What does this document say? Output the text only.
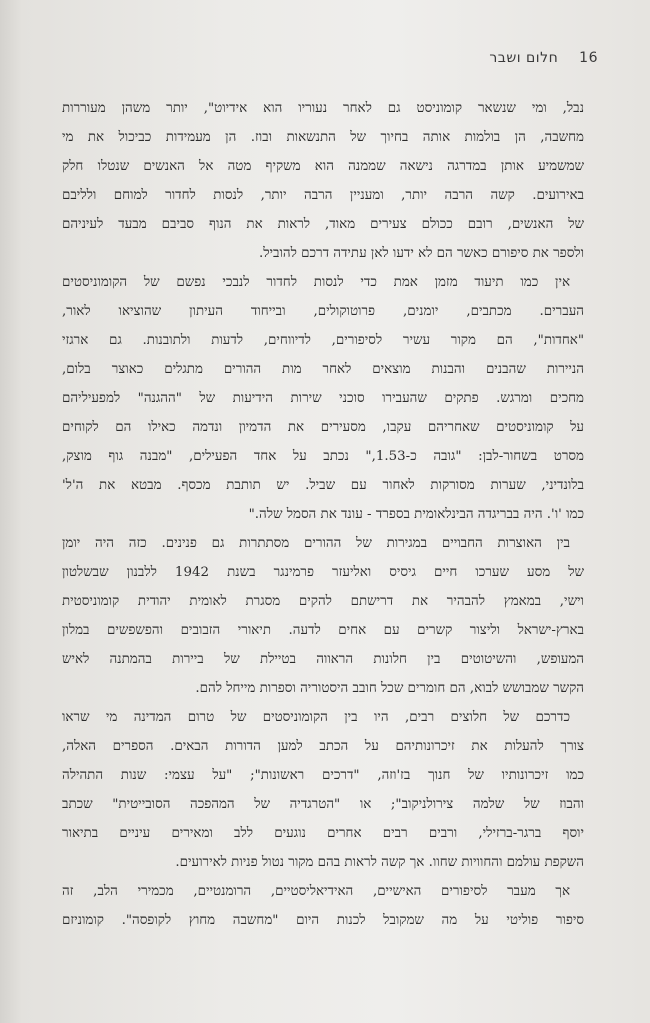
16 חלום ושבר
נבל, ומי שנשאר קומוניסט גם לאחר נעוריו הוא אידיוט", יותר משהן מעוררות
מחשבה, הן בולמות אותה בחיוך של התנשאות ובוז. הן מעמידות כביכול את מי
שמשמיע אותן במדרגה נישאה שממנה הוא משקיף מטה אל האנשים שנטלו חלק
באירועים. קשה הרבה יותר, ומעניין הרבה יותר, לנסות לחדור למוחם ולליבם
של האנשים, רובם ככולם צעירים מאוד, לראות את הנוף סביבם מבעד לעיניהם
ולספר את סיפורם כאשר הם לא ידעו לאן עתידה דרכם להוביל.
אין כמו תיעוד מזמן אמת כדי לנסות לחדור לנבכי נפשם של הקומוניסטים
העברים. מכתבים, יומנים, פרוטוקולים, ובייחוד העיתון שהוציאו לאור,
"אחדות", הם מקור עשיר לסיפורים, לדיווחים, לדעות ולתובנות. גם ארגזי
הניירות שהבנים והבנות מוצאים לאחר מות ההורים מתגלים כאוצר בלום,
מחכים ומרגש. פתקים שהעבירו סוכני שירות הידיעות של "ההגנה" למפעיליהם
על קומוניסטים שאחריהם עקבו, מסעירים את הדמיון ונדמה כאילו הם לקוחים
מסרט בשחור-לבן: "גובה כ-1.53," נכתב על אחד הפעילים, "מבנה גוף מוצק,
בלונדיני, שערות מסורקות לאחור עם שביל. יש תותבת מכסף. מבטא את ה'ל'
כמו 'ו'. היה בבריגדה הבינלאומית בספרד - עונד את הסמל שלה."
בין האוצרות החבויים במגירות של ההורים מסתתרות גם פנינים. כזה היה יומן
של מסע שערכו חיים גיסיס ואליעזר פרמינגר בשנת 1942 ללבנון שבשלטון
וישי, במאמץ להבהיר את דרישתם להקים מסגרת לאומית יהודית קומוניסטית
בארץ-ישראל וליצור קשרים עם אחים לדעה. תיאורי הזבובים והפשפשים במלון
המעופש, והשיטוטים בין חלונות הראווה בטיילת של ביירות בהמתנה לאיש
הקשר שמבושש לבוא, הם חומרים שכל חובב היסטוריה וספרות מייחל להם.
כדרכם של חלוצים רבים, היו בין הקומוניסטים של טרום המדינה מי שראו
צורך להעלות את זיכרונותיהם על הכתב למען הדורות הבאים. הספרים האלה,
כמו זיכרונותיו של חנוך בז'וזה, "דרכים ראשונות"; "על עצמי: שנות התהילה
והבוז של שלמה צירולניקוב"; או "הטרגדיה של המהפכה הסובייטית" שכתב
יוסף ברגר-ברזילי, ורבים רבים אחרים נוגעים ללב ומאירים עיניים בתיאור
השקפת עולמם והחוויות שחוו. אך קשה לראות בהם מקור נטול פניות לאירועים.
אך מעבר לסיפורים האישיים, האידיאליסטיים, הרומנטיים, מכמירי הלב, זה
סיפור פוליטי על מה שמקובל לכנות היום "מחשבה מחוץ לקופסה". קומוניזם
